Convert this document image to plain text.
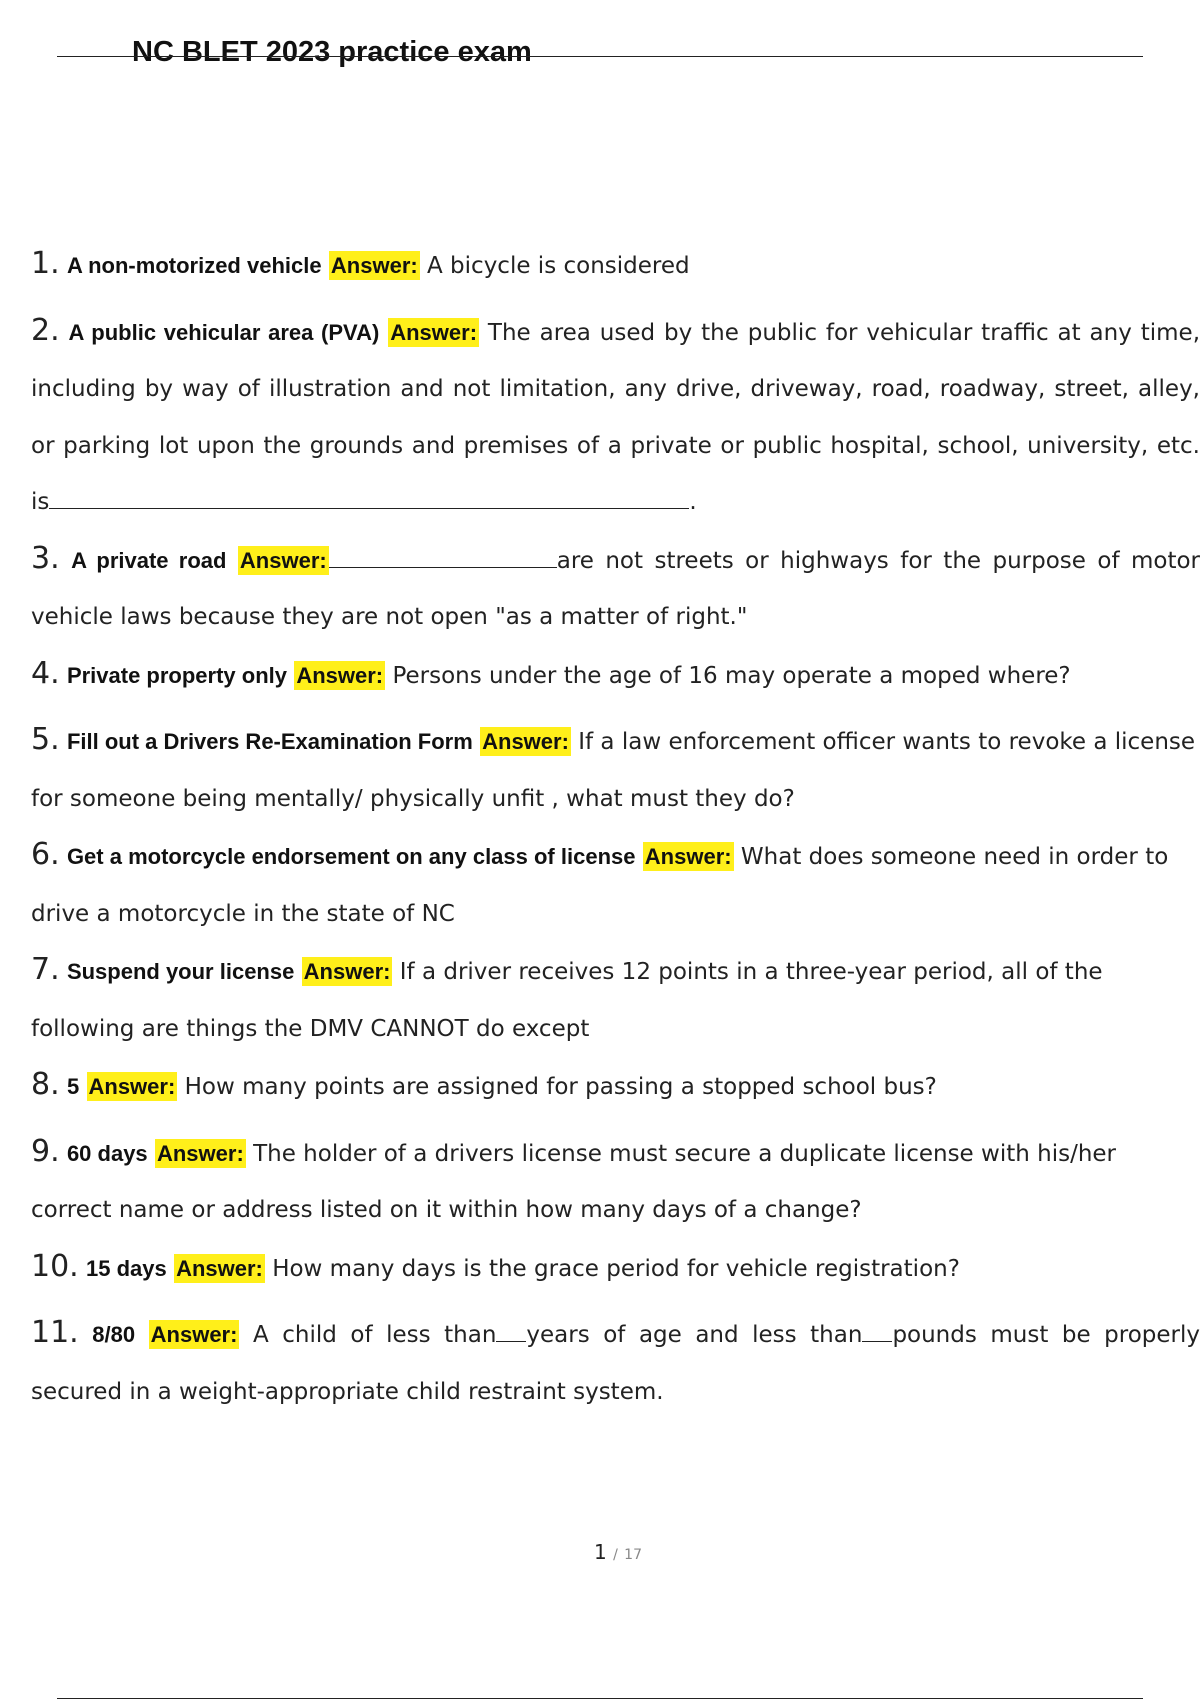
NC BLET 2023 practice exam

1. A non-motorized vehicle Answer: A bicycle is considered

2. A public vehicular area (PVA) Answer: The area used by the public for vehicular traffic at any time, including by way of illustration and not limitation, any drive, driveway, road, roadway, street, alley, or parking lot upon the grounds and premises of a private or public hospital, school, university, etc. is	.

3. A private road Answer:	are not streets or highways for the purpose of motor vehicle laws because they are not open "as a matter of right."

4. Private property only Answer: Persons under the age of 16 may operate a moped where?

5. Fill out a Drivers Re-Examination Form Answer: If a law enforcement officer wants to revoke a license for someone being mentally/ physically unfit , what must they do?

6. Get a motorcycle endorsement on any class of license Answer: What does someone need in order to drive a motorcycle in the state of NC

7. Suspend your license Answer: If a driver receives 12 points in a three-year period, all of the following are things the DMV CANNOT do except

8. 5 Answer: How many points are assigned for passing a stopped school bus?

9. 60 days Answer: The holder of a drivers license must secure a duplicate license with his/her correct name or address listed on it within how many days of a change?

10. 15 days Answer: How many days is the grace period for vehicle registration?

11. 8/80 Answer: A child of less than years of age and less than pounds must be properly secured in a weight-appropriate child restraint system.

1 / 17
